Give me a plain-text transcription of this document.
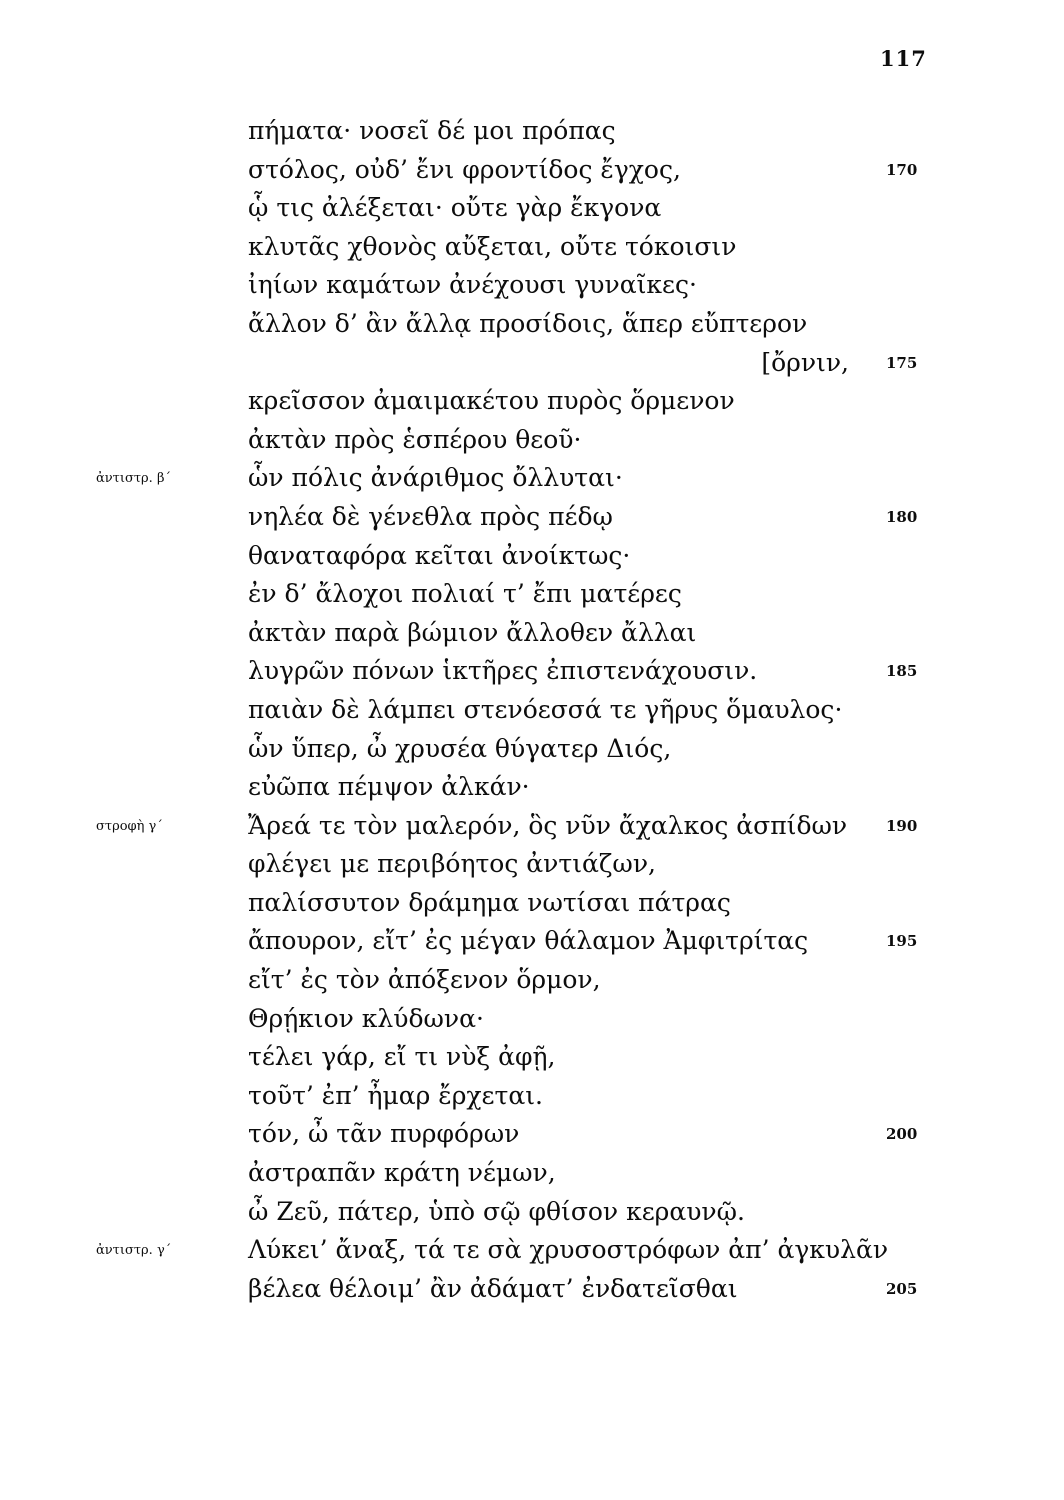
117
πήματα· νοσεῖ δέ μοι πρόπας
στόλος, οὐδ’ ἔνι φροντίδος ἔγχος,	170
ᾧ τις ἀλέξεται· οὔτε γὰρ ἔκγονα
κλυτᾶς χθονὸς αὔξεται, οὔτε τόκοισιν
ἰηίων καμάτων ἀνέχουσι γυναῖκες·
ἄλλον δ’ ἂν ἄλλᾳ προσίδοις, ἅπερ εὔπτερον
[ὄρνιν, 175
κρεῖσσον ἀμαιμακέτου πυρὸς ὅρμενον
ἀκτὰν πρὸς ἑσπέρου θεοῦ·
ἀντιστρ. β΄	ὧν πόλις ἀνάριθμος ὄλλυται·
νηλέα δὲ γένεθλα πρὸς πέδῳ	180
θαναταφόρα κεῖται ἀνοίκτως·
ἐν δ’ ἄλοχοι πολιαί τ’ ἔπι ματέρες
ἀκτὰν παρὰ βώμιον ἄλλοθεν ἄλλαι
λυγρῶν πόνων ἱκτῆρες ἐπιστενάχουσιν.	185
παιὰν δὲ λάμπει στενόεσσά τε γῆρυς ὅμαυλος·
ὧν ὕπερ, ὦ χρυσέα θύγατερ Διός,
εὐῶπα πέμψον ἀλκάν·
στροφὴ γ΄	Ἄρεά τε τὸν μαλερόν, ὃς νῦν ἄχαλκος ἀσπίδων	190
φλέγει με περιβόητος ἀντιάζων,
παλίσσυτον δράμημα νωτίσαι πάτρας
ἄπουρον, εἴτ’ ἐς μέγαν θάλαμον Ἀμφιτρίτας	195
εἴτ’ ἐς τὸν ἀπόξενον ὅρμον,
Θρῄκιον κλύδωνα·
τέλει γάρ, εἴ τι νὺξ ἀφῇ,
τοῦτ’ ἐπ’ ἦμαρ ἔρχεται.
τόν, ὦ τᾶν πυρφόρων	200
ἀστραπᾶν κράτη νέμων,
ὦ Ζεῦ, πάτερ, ὑπὸ σῷ φθίσον κεραυνῷ.
ἀντιστρ. γ΄	Λύκει’ ἄναξ, τά τε σὰ χρυσοστρόφων ἀπ’ ἀγκυλᾶν
βέλεα θέλοιμ’ ἂν ἀδάματ’ ἐνδατεῖσθαι	205
